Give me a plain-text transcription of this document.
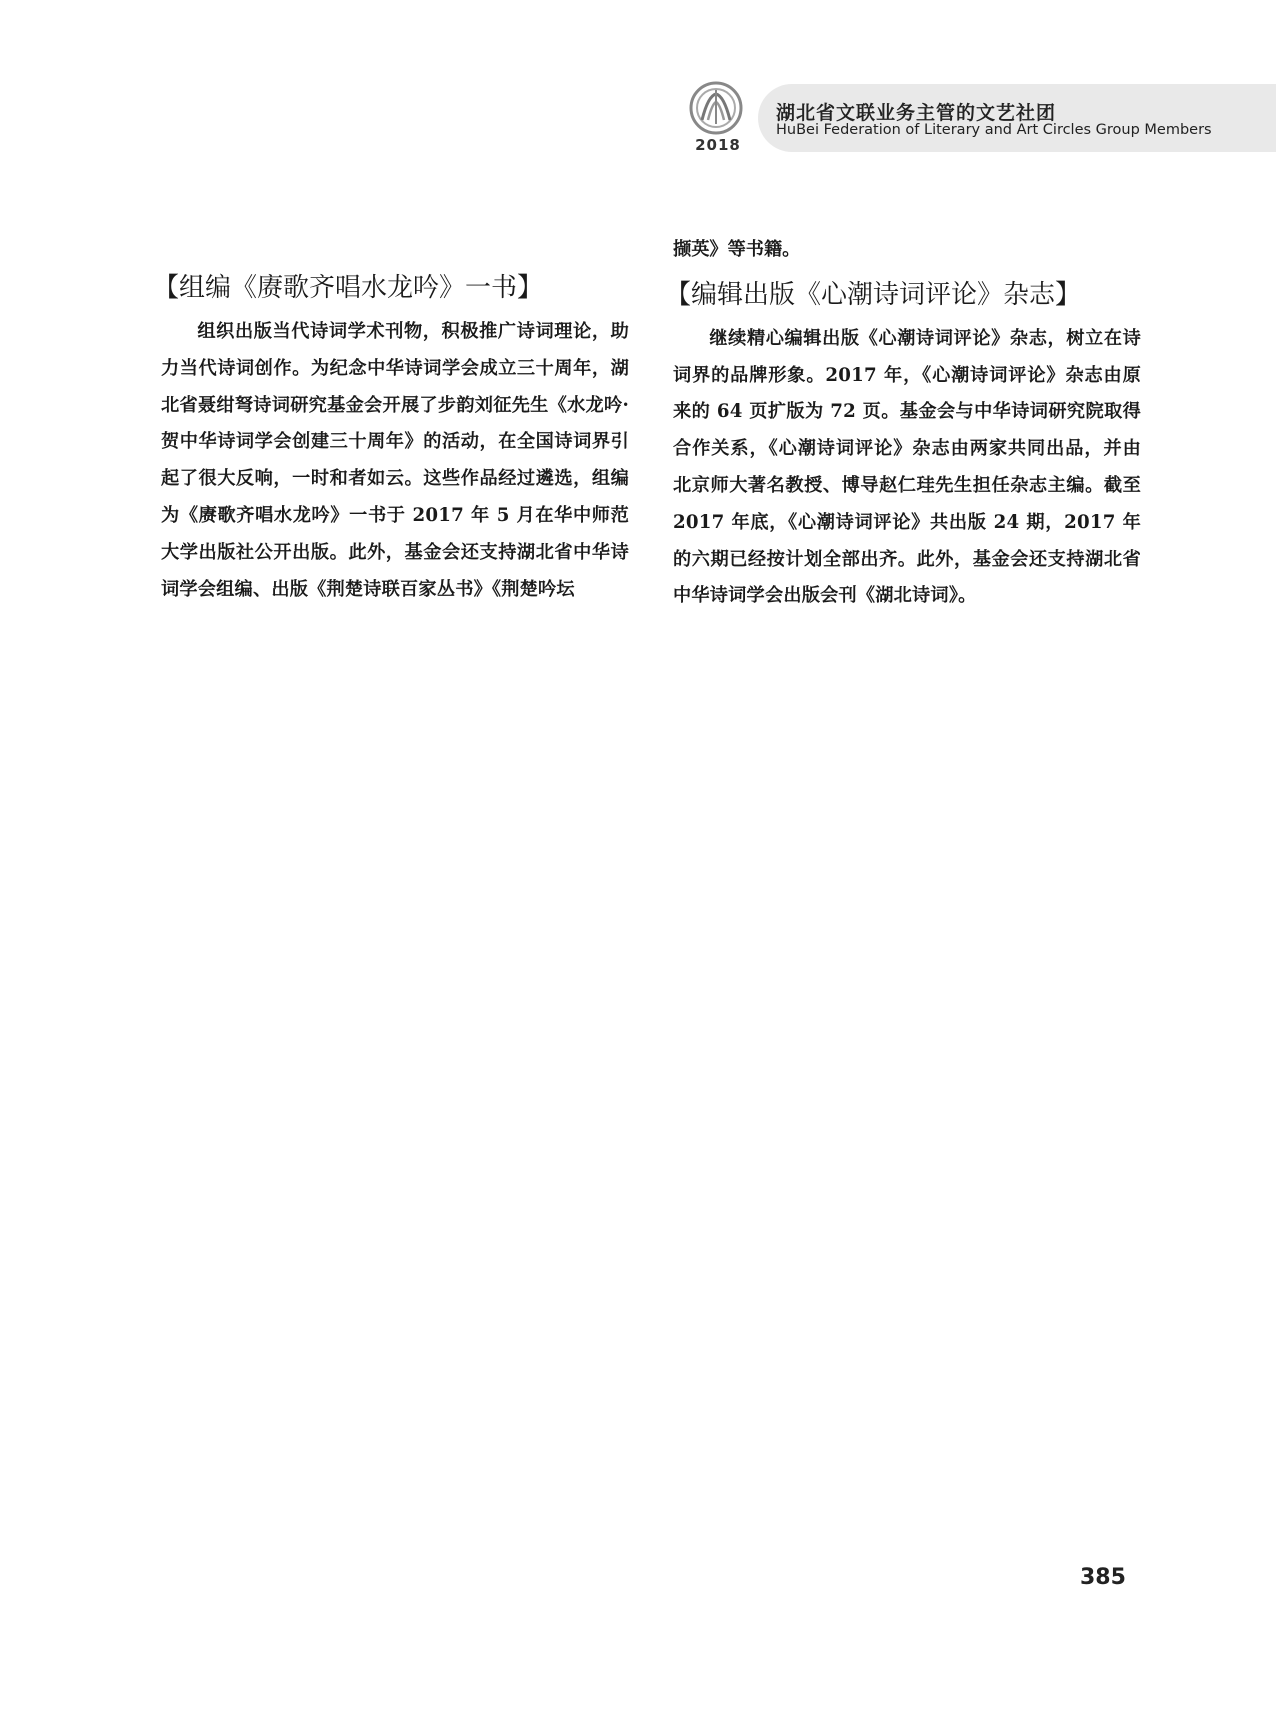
2018
湖北省文联业务主管的文艺社团
HuBei Federation of Literary and Art Circles Group Members
【组编《赓歌齐唱水龙吟》一书】

组织出版当代诗词学术刊物，积极推广诗词理论，助力当代诗词创作。为纪念中华诗词学会成立三十周年，湖北省聂绀弩诗词研究基金会开展了步韵刘征先生《水龙吟·贺中华诗词学会创建三十周年》的活动，在全国诗词界引起了很大反响，一时和者如云。这些作品经过遴选，组编为《赓歌齐唱水龙吟》一书于 2017 年 5 月在华中师范大学出版社公开出版。此外，基金会还支持湖北省中华诗词学会组编、出版《荆楚诗联百家丛书》《荆楚吟坛

撷英》等书籍。

【编辑出版《心潮诗词评论》杂志】

继续精心编辑出版《心潮诗词评论》杂志，树立在诗词界的品牌形象。2017 年，《心潮诗词评论》杂志由原来的 64 页扩版为 72 页。基金会与中华诗词研究院取得合作关系，《心潮诗词评论》杂志由两家共同出品，并由北京师大著名教授、博导赵仁珪先生担任杂志主编。截至 2017 年底，《心潮诗词评论》共出版 24 期，2017 年的六期已经按计划全部出齐。此外，基金会还支持湖北省中华诗词学会出版会刊《湖北诗词》。

385
